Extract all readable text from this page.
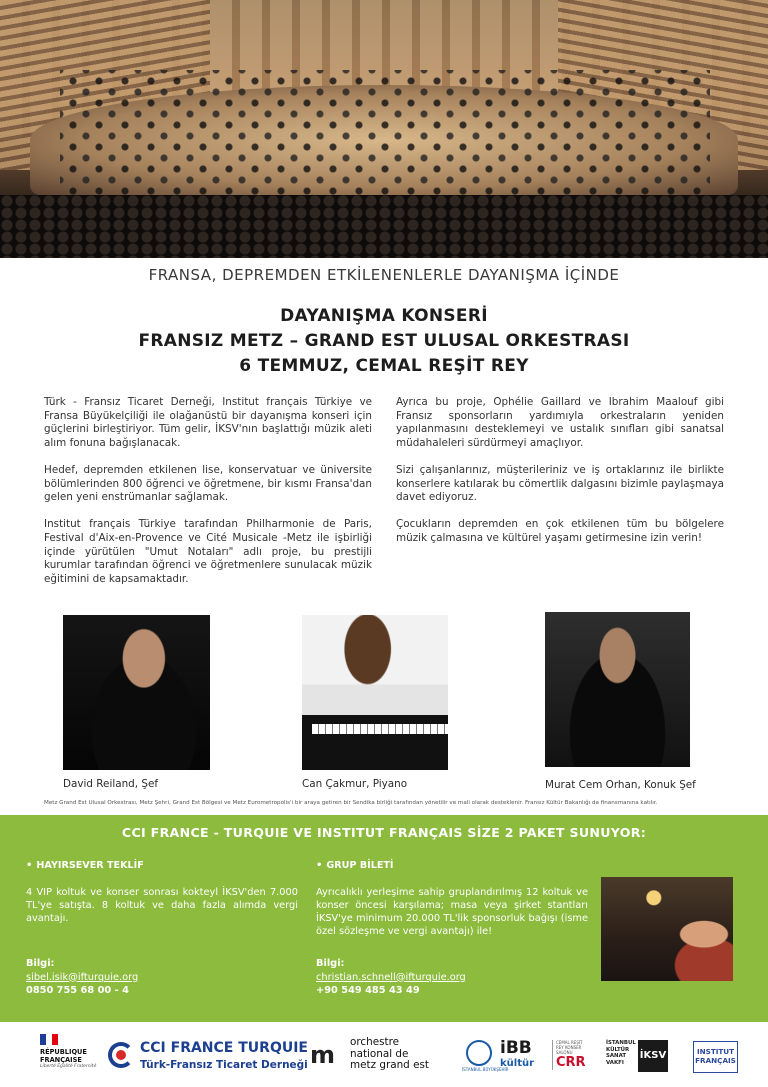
FRANSA, DEPREMDEN ETKİLENENLERLE DAYANIŞMA İÇİNDE
DAYANIŞMA KONSERİ
FRANSIZ METZ – GRAND EST ULUSAL ORKESTRASI
6 TEMMUZ, CEMAL REŞİT REY

Türk - Fransız Ticaret Derneği, Institut français Türkiye ve Fransa Büyükelçiliği ile olağanüstü bir dayanışma konseri için güçlerini birleştiriyor. Tüm gelir, İKSV'nın başlattığı müzik aleti alım fonuna bağışlanacak.

Hedef, depremden etkilenen lise, konservatuar ve üniversite bölümlerinden 800 öğrenci ve öğretmene, bir kısmı Fransa'dan gelen yeni enstrümanlar sağlamak.

Institut français Türkiye tarafından Philharmonie de Paris, Festival d'Aix-en-Provence ve Cité Musicale -Metz ile işbirliği içinde yürütülen "Umut Notaları" adlı proje, bu prestijli kurumlar tarafından öğrenci ve öğretmenlere sunulacak müzik eğitimini de kapsamaktadır.

Ayrıca bu proje, Ophélie Gaillard ve Ibrahim Maalouf gibi Fransız sponsorların yardımıyla orkestraların yeniden yapılanmasını desteklemeyi ve ustalık sınıfları gibi sanatsal müdahaleleri sürdürmeyi amaçlıyor.

Sizi çalışanlarınız, müşterileriniz ve iş ortaklarınız ile birlikte konserlere katılarak bu cömertlik dalgasını bizimle paylaşmaya davet ediyoruz.

Çocukların depremden en çok etkilenen tüm bu bölgelere müzik çalmasına ve kültürel yaşamı getirmesine izin verin!

David Reiland, Şef	Can Çakmur, Piyano	Murat Cem Orhan, Konuk Şef
Metz Grand Est Ulusal Orkestrası, Metz Şehri, Grand Est Bölgesi ve Metz Eurometropolis'i bir araya getiren bir Sendika birliği tarafından yönetilir ve mali olarak desteklenir. Fransız Kültür Bakanlığı da finansmanına katılır.
CCI FRANCE - TURQUIE VE INSTITUT FRANÇAIS SİZE 2 PAKET SUNUYOR:
• HAYIRSEVER TEKLİF
4 VIP koltuk ve konser sonrası kokteyl İKSV'den 7.000 TL'ye satışta. 8 koltuk ve daha fazla alımda vergi avantajı.
Bilgi:
sibel.isik@ifturquie.org
0850 755 68 00 - 4
• GRUP BİLETİ
Ayrıcalıklı yerleşime sahip gruplandırılmış 12 koltuk ve konser öncesi karşılama; masa veya şirket stantları İKSV'ye minimum 20.000 TL'lik sponsorluk bağışı (isme özel sözleşme ve vergi avantajı) ile!
Bilgi:
christian.schnell@ifturquie.org
+90 549 485 43 49
RÉPUBLIQUE
FRANÇAISE
Liberté Égalité Fraternité
CCI FRANCE TURQUIE
Türk-Fransız Ticaret Derneği m orchestre
national de
metz grand est	İSTANBUL BÜYÜKŞEHİR
iBB
kültür
CEMAL REŞİT REY KONSER SALONU
CRR
İSTANBUL KÜLTÜR SANAT VAKFI
İKSV	INSTITUT
FRANÇAIS
